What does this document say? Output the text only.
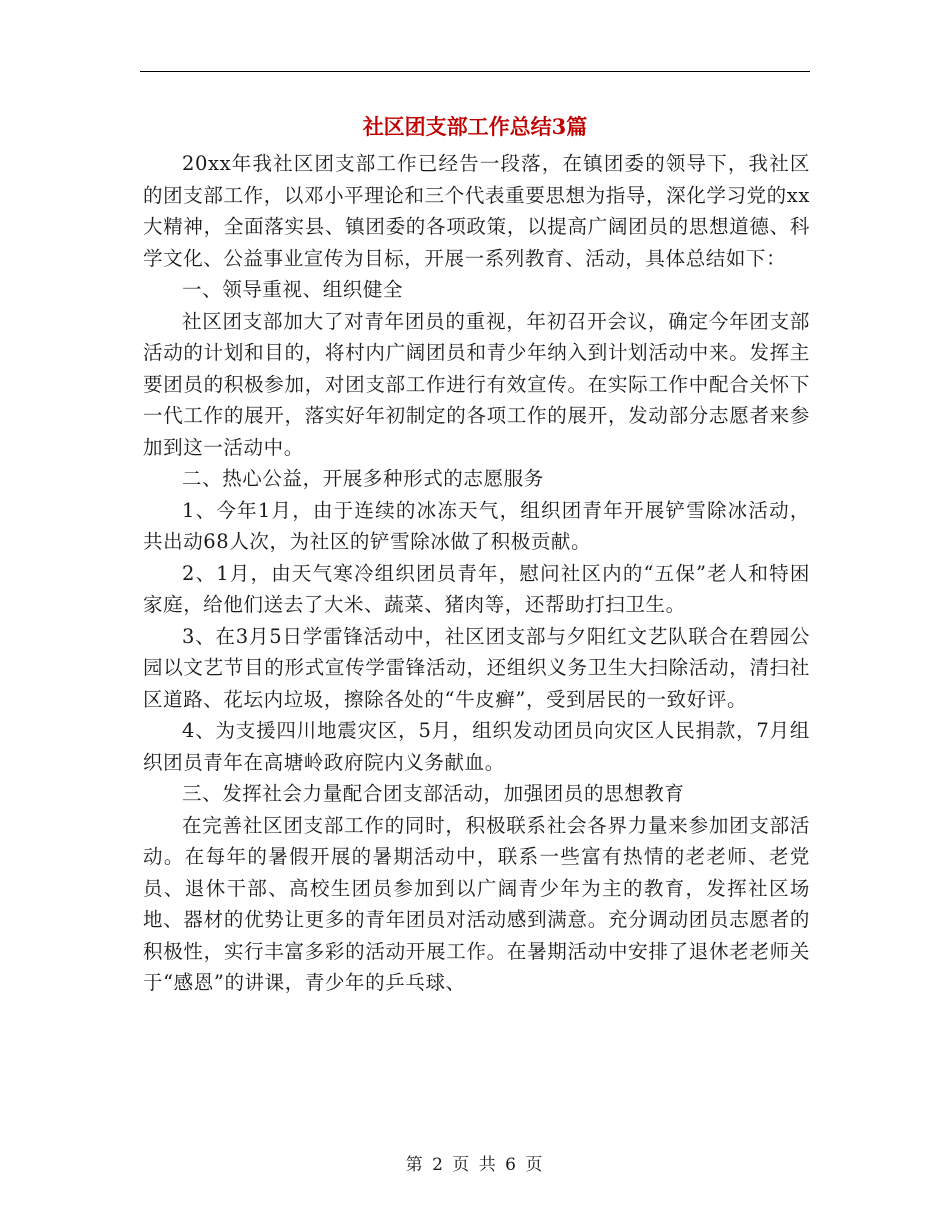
社区团支部工作总结3篇

20xx年我社区团支部工作已经告一段落，在镇团委的领导下，我社区的团支部工作，以邓小平理论和三个代表重要思想为指导，深化学习党的xx大精神，全面落实县、镇团委的各项政策，以提高广阔团员的思想道德、科学文化、公益事业宣传为目标，开展一系列教育、活动，具体总结如下：

一、领导重视、组织健全

社区团支部加大了对青年团员的重视，年初召开会议，确定今年团支部活动的计划和目的，将村内广阔团员和青少年纳入到计划活动中来。发挥主要团员的积极参加，对团支部工作进行有效宣传。在实际工作中配合关怀下一代工作的展开，落实好年初制定的各项工作的展开，发动部分志愿者来参加到这一活动中。

二、热心公益，开展多种形式的志愿服务

1、今年1月，由于连续的冰冻天气，组织团青年开展铲雪除冰活动，共出动68人次，为社区的铲雪除冰做了积极贡献。

2、1月，由天气寒冷组织团员青年，慰问社区内的“五保”老人和特困家庭，给他们送去了大米、蔬菜、猪肉等，还帮助打扫卫生。

3、在3月5日学雷锋活动中，社区团支部与夕阳红文艺队联合在碧园公园以文艺节目的形式宣传学雷锋活动，还组织义务卫生大扫除活动，清扫社区道路、花坛内垃圾，擦除各处的“牛皮癣”，受到居民的一致好评。

4、为支援四川地震灾区，5月，组织发动团员向灾区人民捐款，7月组织团员青年在高塘岭政府院内义务献血。

三、发挥社会力量配合团支部活动，加强团员的思想教育

在完善社区团支部工作的同时，积极联系社会各界力量来参加团支部活动。在每年的暑假开展的暑期活动中，联系一些富有热情的老老师、老党员、退休干部、高校生团员参加到以广阔青少年为主的教育，发挥社区场地、器材的优势让更多的青年团员对活动感到满意。充分调动团员志愿者的积极性，实行丰富多彩的活动开展工作。在暑期活动中安排了退休老老师关于“感恩”的讲课，青少年的乒乓球、

第 2 页 共 6 页
